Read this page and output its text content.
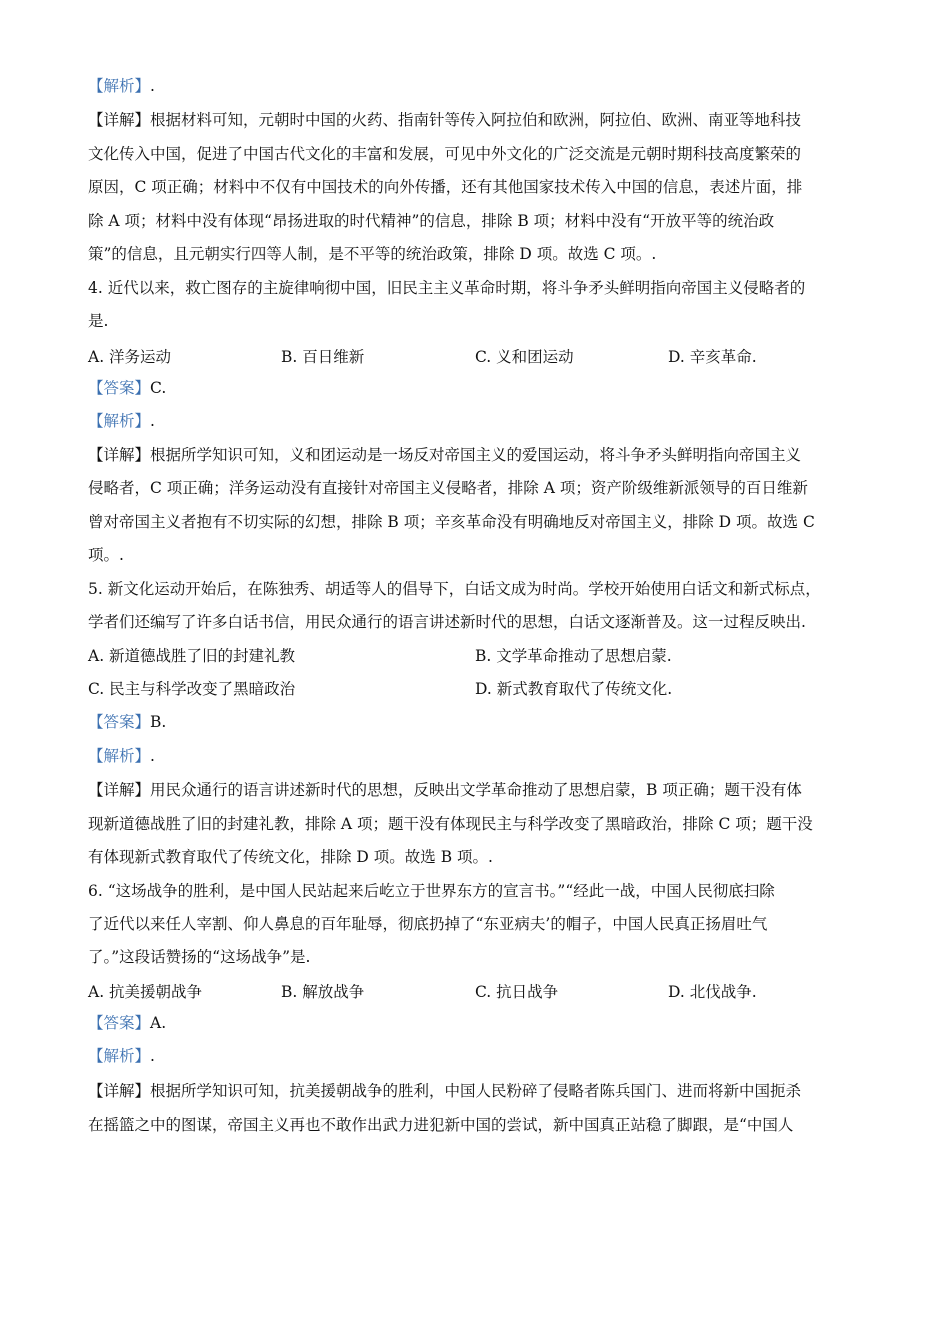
【解析】.
【详解】根据材料可知，元朝时中国的火药、指南针等传入阿拉伯和欧洲，阿拉伯、欧洲、南亚等地科技
文化传入中国，促进了中国古代文化的丰富和发展，可见中外文化的广泛交流是元朝时期科技高度繁荣的
原因，C 项正确；材料中不仅有中国技术的向外传播，还有其他国家技术传入中国的信息，表述片面，排
除 A 项；材料中没有体现“昂扬进取的时代精神”的信息，排除 B 项；材料中没有“开放平等的统治政
策”的信息，且元朝实行四等人制，是不平等的统治政策，排除 D 项。故选 C 项。.
4. 近代以来，救亡图存的主旋律响彻中国，旧民主主义革命时期，将斗争矛头鲜明指向帝国主义侵略者的
是.
A. 洋务运动	B. 百日维新	C. 义和团运动	D. 辛亥革命.
【答案】C.
【解析】.
【详解】根据所学知识可知，义和团运动是一场反对帝国主义的爱国运动，将斗争矛头鲜明指向帝国主义
侵略者，C 项正确；洋务运动没有直接针对帝国主义侵略者，排除 A 项；资产阶级维新派领导的百日维新
曾对帝国主义者抱有不切实际的幻想，排除 B 项；辛亥革命没有明确地反对帝国主义，排除 D 项。故选 C
项。.
5. 新文化运动开始后，在陈独秀、胡适等人的倡导下，白话文成为时尚。学校开始使用白话文和新式标点，
学者们还编写了许多白话书信，用民众通行的语言讲述新时代的思想，白话文逐渐普及。这一过程反映出.
A. 新道德战胜了旧的封建礼教	B. 文学革命推动了思想启蒙.
C. 民主与科学改变了黑暗政治	D. 新式教育取代了传统文化.
【答案】B.
【解析】.
【详解】用民众通行的语言讲述新时代的思想，反映出文学革命推动了思想启蒙，B 项正确；题干没有体
现新道德战胜了旧的封建礼教，排除 A 项；题干没有体现民主与科学改变了黑暗政治，排除 C 项；题干没
有体现新式教育取代了传统文化，排除 D 项。故选 B 项。.
6. “这场战争的胜利，是中国人民站起来后屹立于世界东方的宣言书。”“经此一战，中国人民彻底扫除
了近代以来任人宰割、仰人鼻息的百年耻辱，彻底扔掉了“东亚病夫’的帽子，中国人民真正扬眉吐气
了。”这段话赞扬的“这场战争”是.
A. 抗美援朝战争	B. 解放战争	C. 抗日战争	D. 北伐战争.
【答案】A.
【解析】.
【详解】根据所学知识可知，抗美援朝战争的胜利，中国人民粉碎了侵略者陈兵国门、进而将新中国扼杀
在摇篮之中的图谋，帝国主义再也不敢作出武力进犯新中国的尝试，新中国真正站稳了脚跟，是“中国人
